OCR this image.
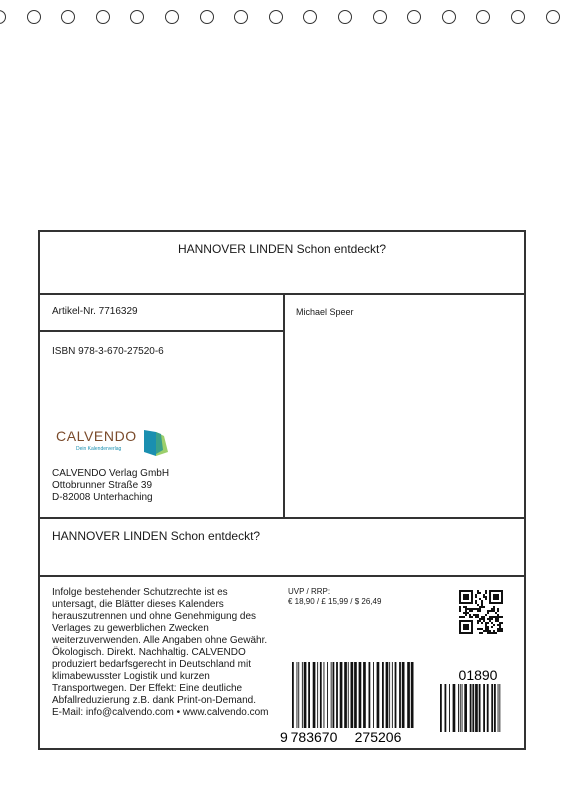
HANNOVER LINDEN Schon entdeckt?
Artikel-Nr. 7716329	Michael Speer
ISBN 978-3-670-27520-6
CALVENDO
Dein Kalenderverlag
CALVENDO Verlag GmbH
Ottobrunner Straße 39
D-82008 Unterhaching
HANNOVER LINDEN Schon entdeckt?
Infolge bestehender Schutzrechte ist es untersagt, die Blätter dieses Kalenders herauszutrennen und ohne Genehmigung des Verlages zu gewerblichen Zwecken weiterzuverwenden. Alle Angaben ohne Gewähr.
Ökologisch. Direkt. Nachhaltig. CALVENDO produziert bedarfsgerecht in Deutschland mit klimabewusster Logistik und kurzen Transportwegen. Der Effekt: Eine deutliche Abfallreduzierung z.B. dank Print-on-Demand.
E-Mail: info@calvendo.com • www.calvendo.com
UVP / RRP:
€ 18,90 / £ 15,99 / $ 26,49
9 783670 275206
01890
